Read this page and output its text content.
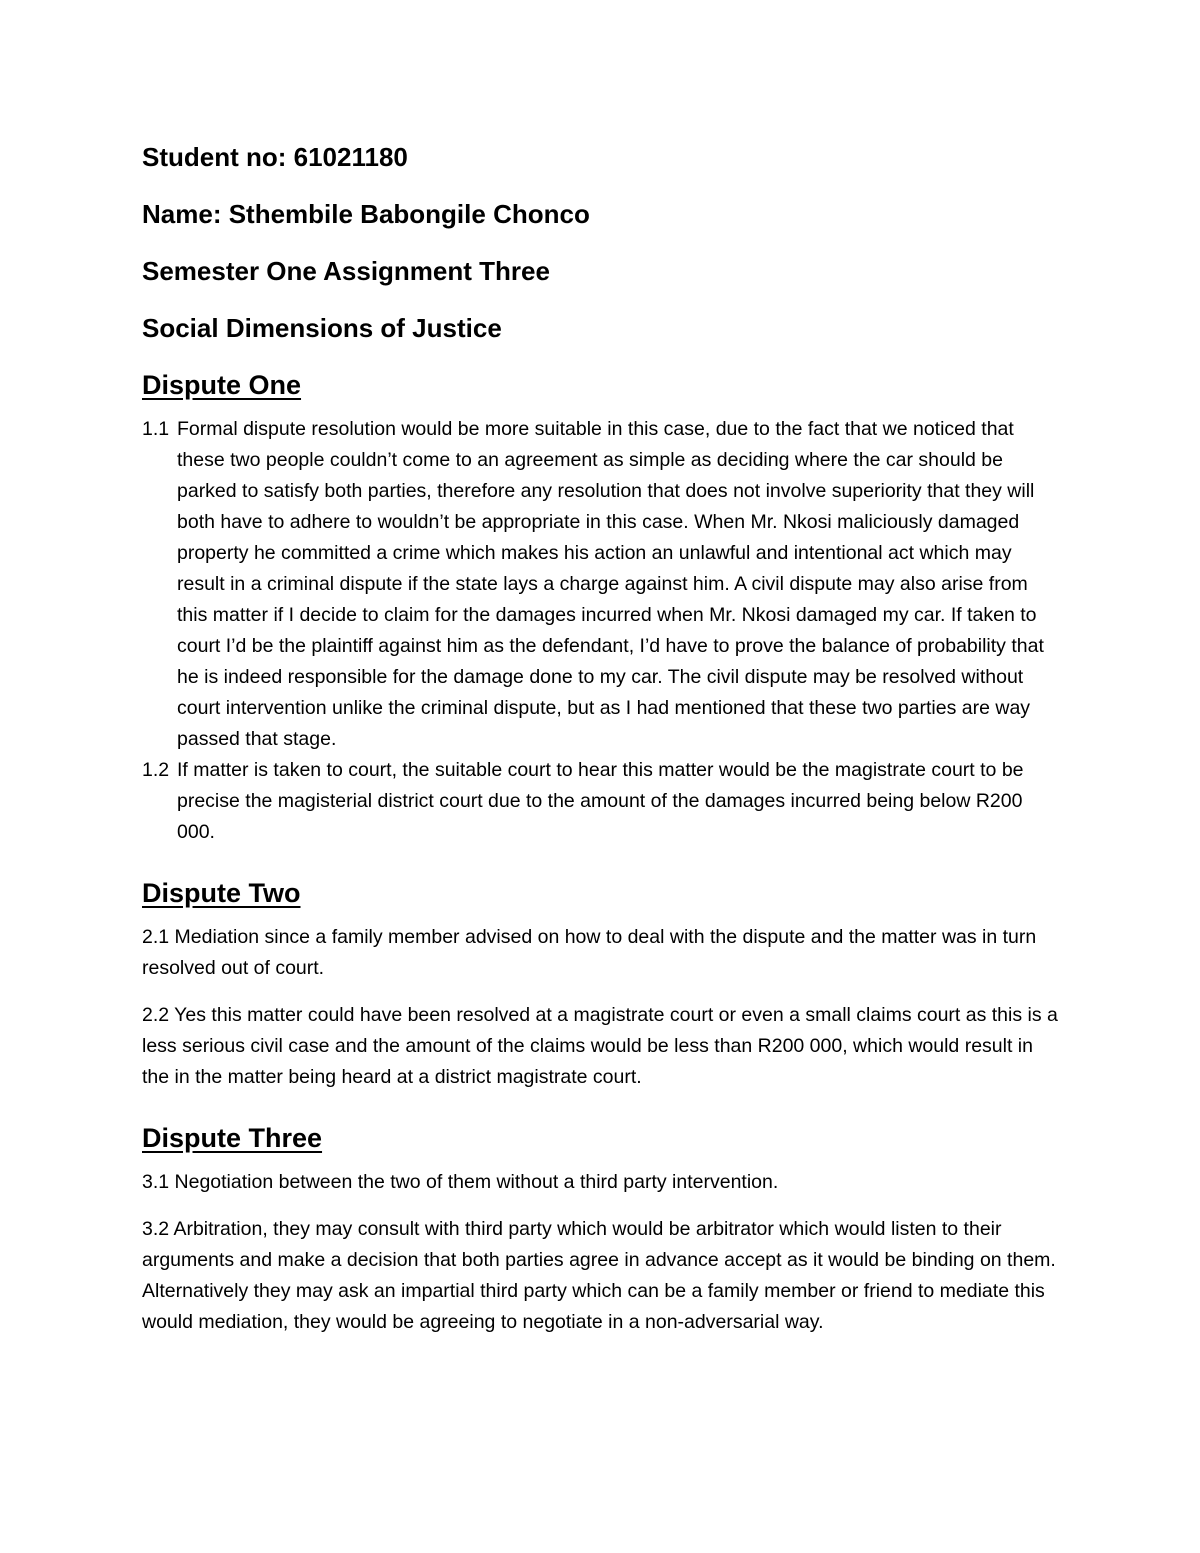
Student no: 61021180
Name: Sthembile Babongile Chonco
Semester One Assignment Three
Social Dimensions of Justice
Dispute One
1.1 Formal dispute resolution would be more suitable in this case, due to the fact that we noticed that these two people couldn’t come to an agreement as simple as deciding where the car should be parked to satisfy both parties, therefore any resolution that does not involve superiority that they will both have to adhere to wouldn’t be appropriate in this case. When Mr. Nkosi maliciously damaged property he committed a crime which makes his action an unlawful and intentional act which may result in a criminal dispute if the state lays a charge against him. A civil dispute may also arise from this matter if I decide to claim for the damages incurred when Mr. Nkosi damaged my car. If taken to court I’d be the plaintiff against him as the defendant, I’d have to prove the balance of probability that he is indeed responsible for the damage done to my car. The civil dispute may be resolved without court intervention unlike the criminal dispute, but as I had mentioned that these two parties are way passed that stage.
1.2 If matter is taken to court, the suitable court to hear this matter would be the magistrate court to be precise the magisterial district court due to the amount of the damages incurred being below R200 000.
Dispute Two

2.1 Mediation since a family member advised on how to deal with the dispute and the matter was in turn resolved out of court.

2.2 Yes this matter could have been resolved at a magistrate court or even a small claims court as this is a less serious civil case and the amount of the claims would be less than R200 000, which would result in the in the matter being heard at a district magistrate court.

Dispute Three

3.1 Negotiation between the two of them without a third party intervention.

3.2 Arbitration, they may consult with third party which would be arbitrator which would listen to their arguments and make a decision that both parties agree in advance accept as it would be binding on them. Alternatively they may ask an impartial third party which can be a family member or friend to mediate this would mediation, they would be agreeing to negotiate in a non-adversarial way.
